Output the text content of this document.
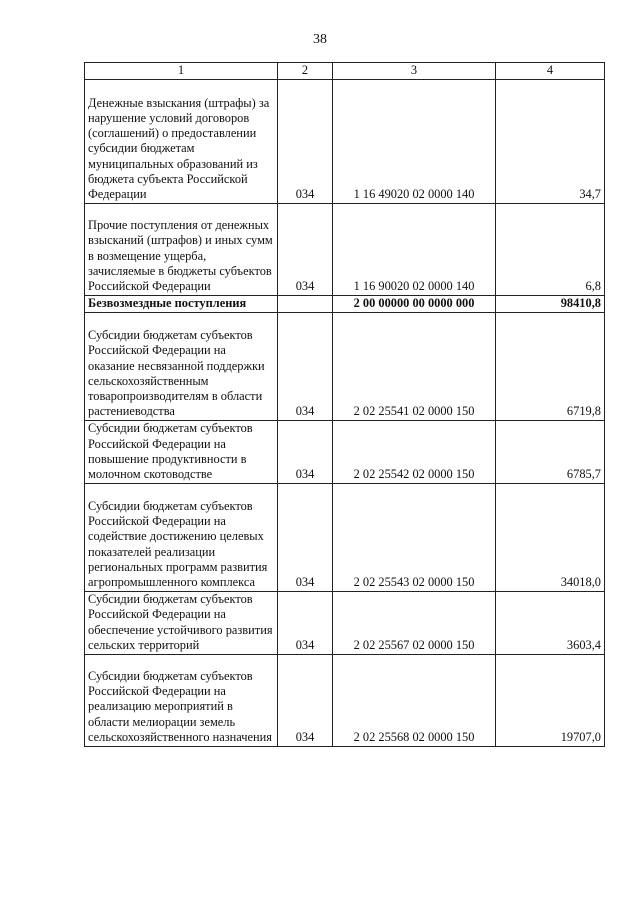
38
1	2	3	4
Денежные взыскания (штрафы) за нарушение условий договоров (соглашений) о предоставлении субсидии бюджетам муниципальных образований из бюджета субъекта Российской Федерации	034	1 16 49020 02 0000 140	34,7
Прочие поступления от денежных взысканий (штрафов) и иных сумм в возмещение ущерба, зачисляемые в бюджеты субъектов Российской Федерации	034	1 16 90020 02 0000 140	6,8
Безвозмездные поступления		2 00 00000 00 0000 000	98410,8
Субсидии бюджетам субъектов Российской Федерации на оказание несвязанной поддержки сельскохозяйственным товаропроизводителям в области растениеводства	034	2 02 25541 02 0000 150	6719,8
Субсидии бюджетам субъектов Российской Федерации на повышение продуктивности в молочном скотоводстве	034	2 02 25542 02 0000 150	6785,7
Субсидии бюджетам субъектов Российской Федерации на содействие достижению целевых показателей реализации региональных программ развития агропромышленного комплекса	034	2 02 25543 02 0000 150	34018,0
Субсидии бюджетам субъектов Российской Федерации на обеспечение устойчивого развития сельских территорий	034	2 02 25567 02 0000 150	3603,4
Субсидии бюджетам субъектов Российской Федерации на реализацию мероприятий в области мелиорации земель сельскохозяйственного назначения	034	2 02 25568 02 0000 150	19707,0
